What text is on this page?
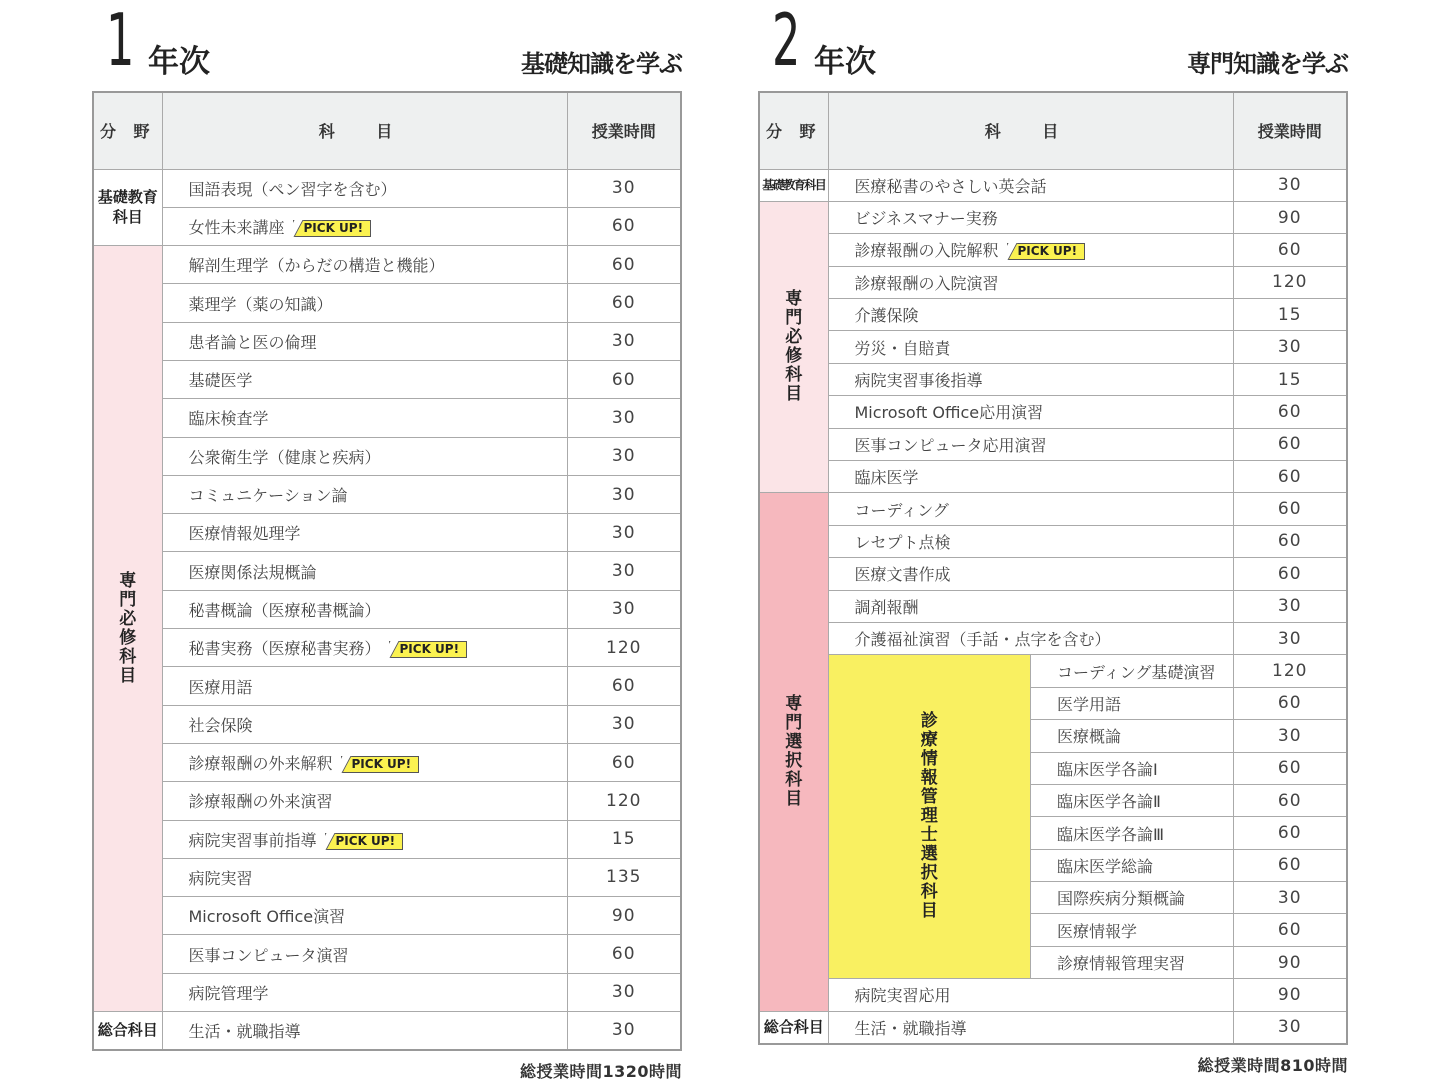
1 年次	基礎知識を学ぶ
分 野	科 目	授業時間
基礎教育科目	国語表現（ペン習字を含む）	30
	女性未来講座 PICK UP!	60
専門必修科目	解剖生理学（からだの構造と機能）	60
	薬理学（薬の知識）	60
	患者論と医の倫理	30
	基礎医学	60
	臨床検査学	30
	公衆衛生学（健康と疾病）	30
	コミュニケーション論	30
	医療情報処理学	30
	医療関係法規概論	30
	秘書概論（医療秘書概論）	30
	秘書実務（医療秘書実務） PICK UP!	120
	医療用語	60
	社会保険	30
	診療報酬の外来解釈 PICK UP!	60
	診療報酬の外来演習	120
	病院実習事前指導 PICK UP!	15
	病院実習	135
	Microsoft Office演習	90
	医事コンピュータ演習	60
	病院管理学	30
総合科目	生活・就職指導	30
総授業時間1320時間
2 年次	専門知識を学ぶ
分 野	科 目		授業時間
基礎教育科目	医療秘書のやさしい英会話		30
専門必修科目	ビジネスマナー実務		90
	診療報酬の入院解釈 PICK UP!		60
	診療報酬の入院演習		120
	介護保険		15
	労災・自賠責		30
	病院実習事後指導		15
	Microsoft Office応用演習		60
	医事コンピュータ応用演習		60
	臨床医学		60
専門選択科目	コーディング		60
	レセプト点検		60
	医療文書作成		60
	調剤報酬		30
	介護福祉演習（手話・点字を含む）		30
	診療情報管理士選択科目	コーディング基礎演習	120
		医学用語	60
		医療概論	30
		臨床医学各論Ⅰ	60
		臨床医学各論Ⅱ	60
		臨床医学各論Ⅲ	60
		臨床医学総論	60
		国際疾病分類概論	30
		医療情報学	60
		診療情報管理実習	90
	病院実習応用		90
総合科目	生活・就職指導		30
総授業時間810時間
